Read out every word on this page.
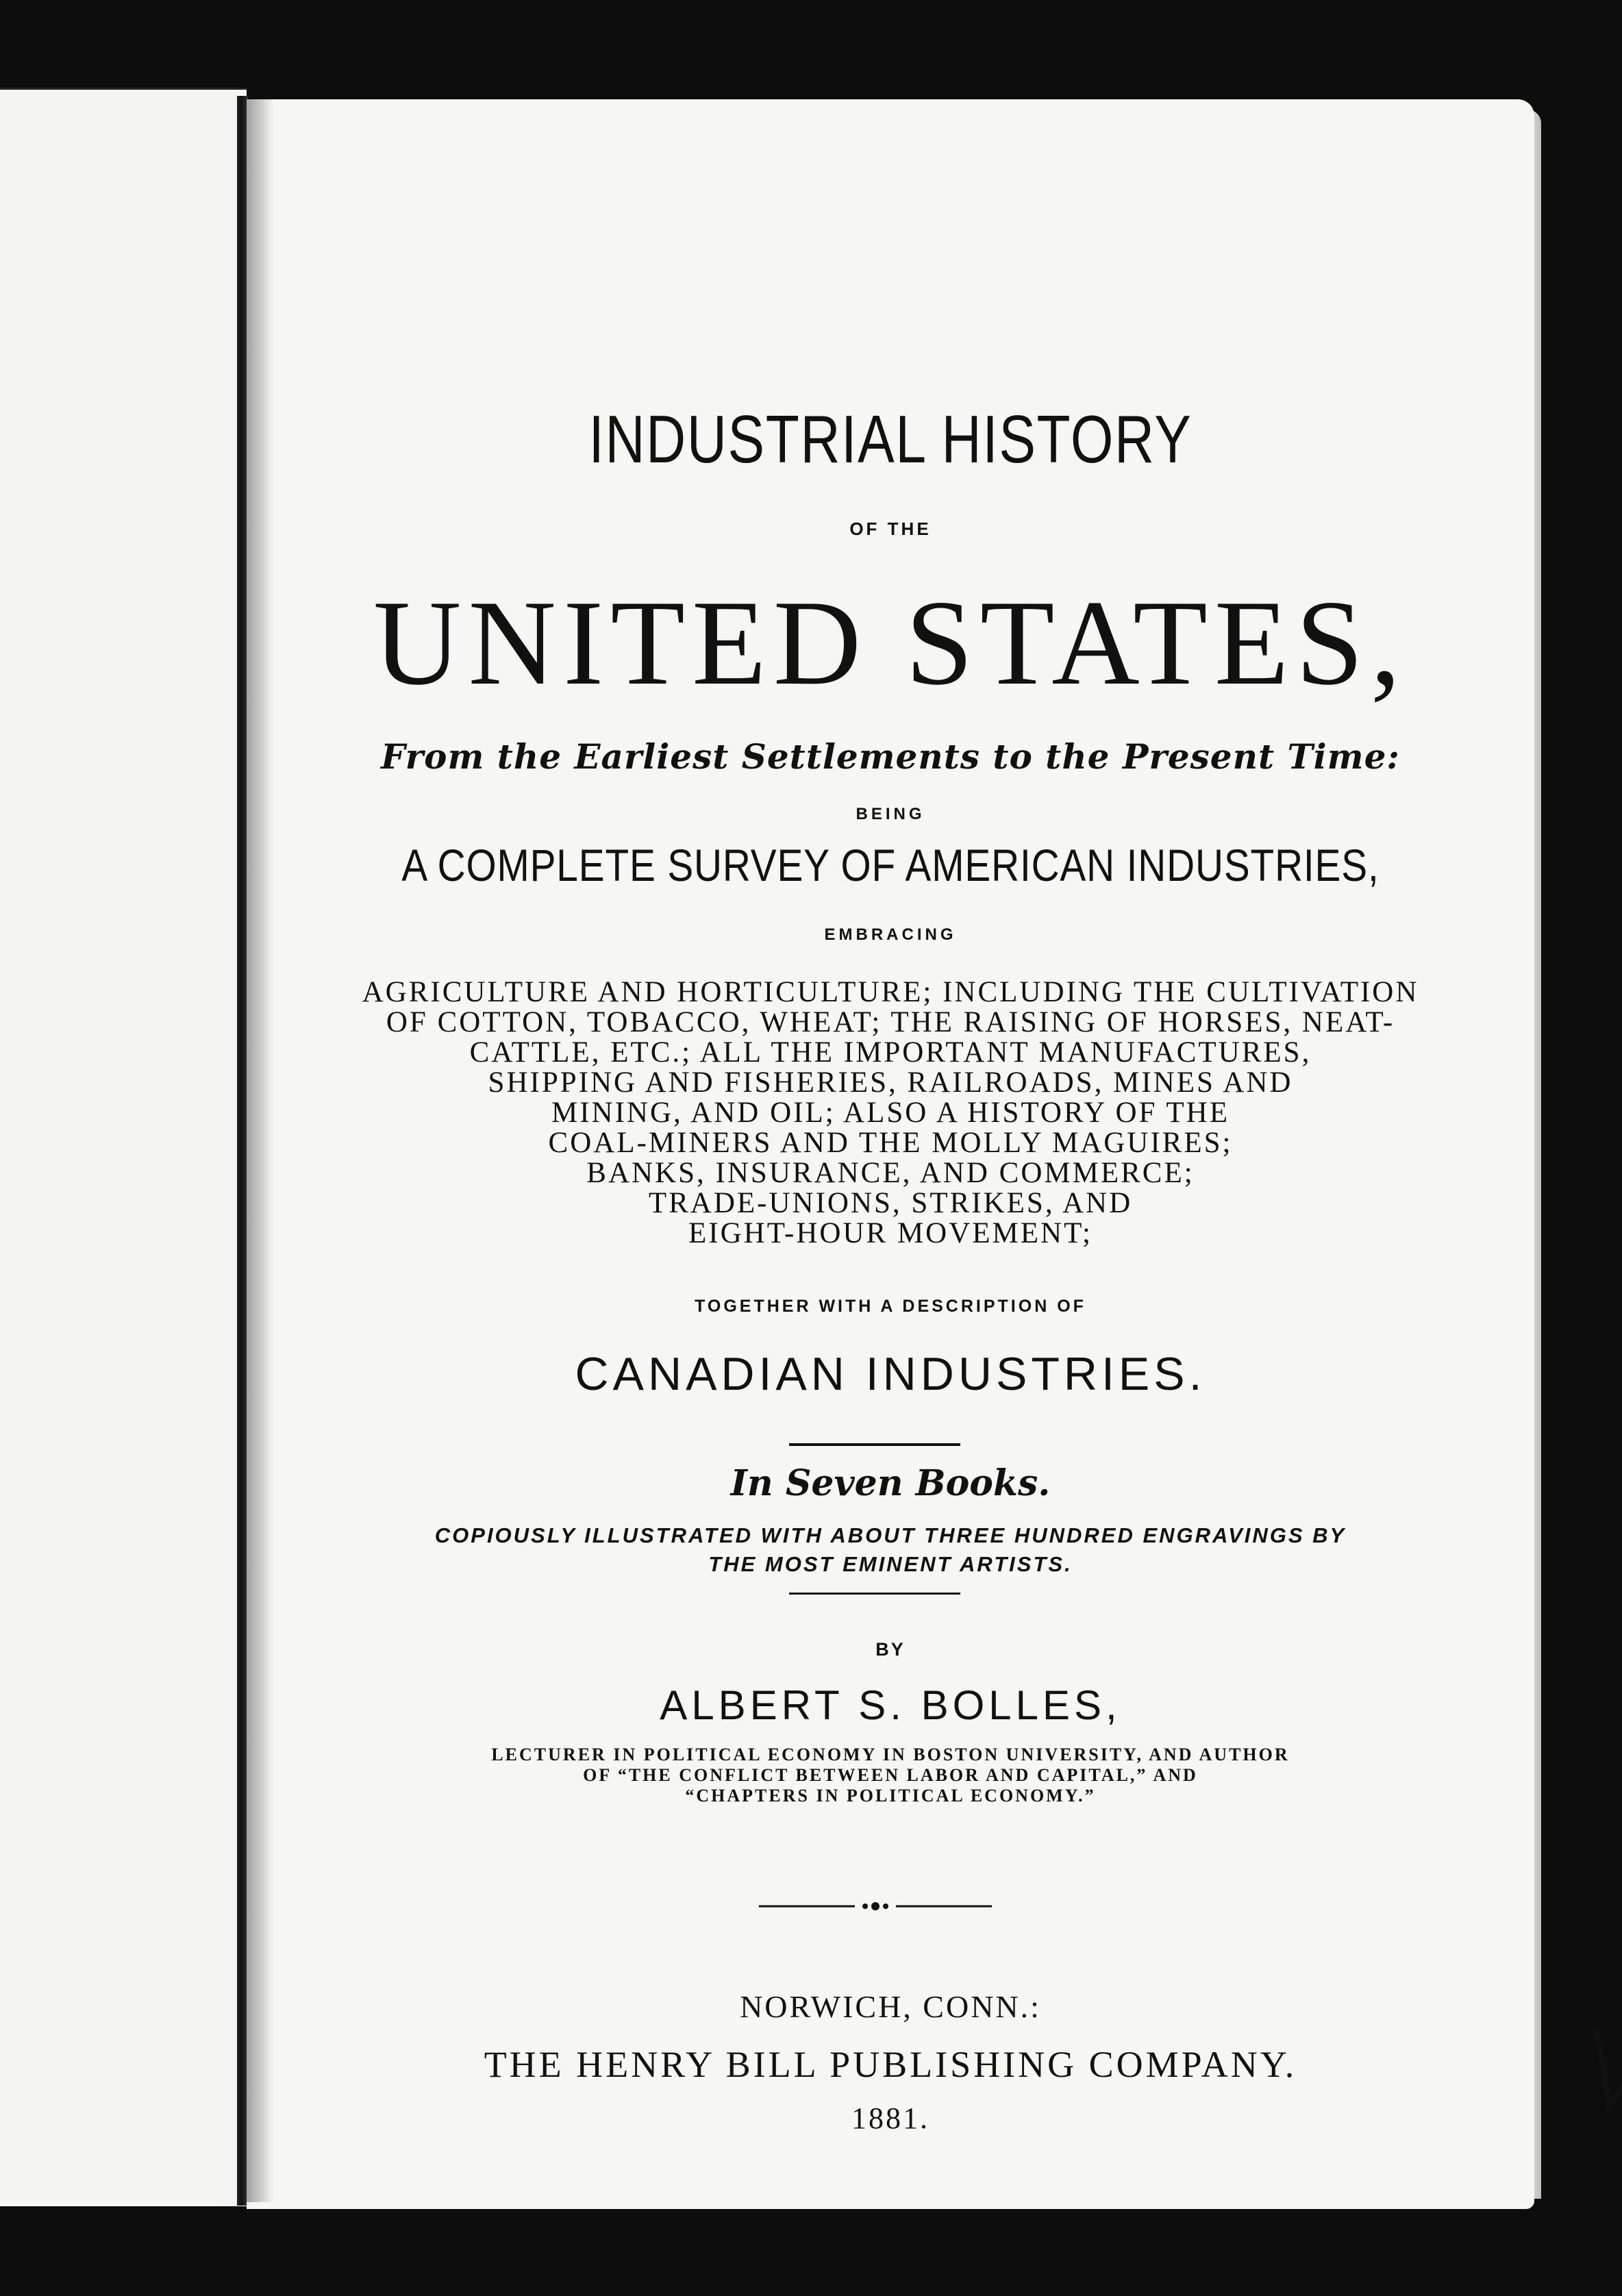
INDUSTRIAL HISTORY
OF THE
UNITED STATES,
From the Earliest Settlements to the Present Time:
BEING
A COMPLETE SURVEY OF AMERICAN INDUSTRIES,
EMBRACING
AGRICULTURE AND HORTICULTURE; INCLUDING THE CULTIVATION
OF COTTON, TOBACCO, WHEAT; THE RAISING OF HORSES, NEAT-
CATTLE, ETC.; ALL THE IMPORTANT MANUFACTURES,
SHIPPING AND FISHERIES, RAILROADS, MINES AND
MINING, AND OIL; ALSO A HISTORY OF THE
COAL-MINERS AND THE MOLLY MAGUIRES;
BANKS, INSURANCE, AND COMMERCE;
TRADE-UNIONS, STRIKES, AND
EIGHT-HOUR MOVEMENT;
TOGETHER WITH A DESCRIPTION OF
CANADIAN INDUSTRIES.
In Seven Books.
COPIOUSLY ILLUSTRATED WITH ABOUT THREE HUNDRED ENGRAVINGS BY
THE MOST EMINENT ARTISTS.
BY
ALBERT S. BOLLES,
LECTURER IN POLITICAL ECONOMY IN BOSTON UNIVERSITY, AND AUTHOR
OF “THE CONFLICT BETWEEN LABOR AND CAPITAL,” AND
“CHAPTERS IN POLITICAL ECONOMY.”
NORWICH, CONN.:
THE HENRY BILL PUBLISHING COMPANY.
1881.
